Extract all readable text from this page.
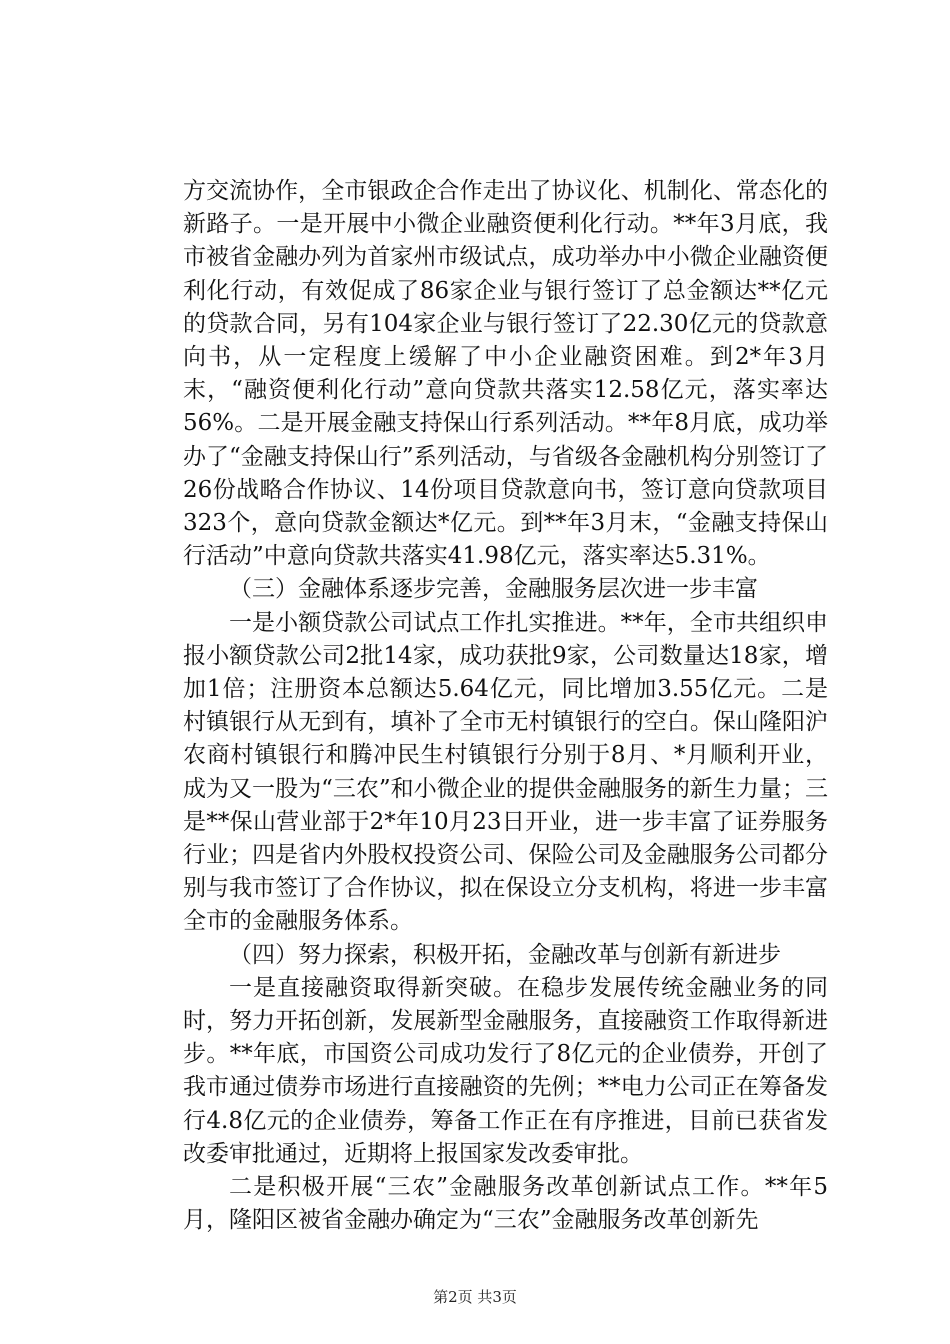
方交流协作，全市银政企合作走出了协议化、机制化、常态化的新路子。一是开展中小微企业融资便利化行动。**年3月底，我市被省金融办列为首家州市级试点，成功举办中小微企业融资便利化行动，有效促成了86家企业与银行签订了总金额达**亿元的贷款合同，另有104家企业与银行签订了22.30亿元的贷款意向书，从一定程度上缓解了中小企业融资困难。到2*年3月末，“融资便利化行动”意向贷款共落实12.58亿元，落实率达56%。二是开展金融支持保山行系列活动。**年8月底，成功举办了“金融支持保山行”系列活动，与省级各金融机构分别签订了26份战略合作协议、14份项目贷款意向书，签订意向贷款项目323个，意向贷款金额达*亿元。到**年3月末，“金融支持保山行活动”中意向贷款共落实41.98亿元，落实率达5.31%。

（三）金融体系逐步完善，金融服务层次进一步丰富

一是小额贷款公司试点工作扎实推进。**年，全市共组织申报小额贷款公司2批14家，成功获批9家，公司数量达18家，增加1倍；注册资本总额达5.64亿元，同比增加3.55亿元。二是村镇银行从无到有，填补了全市无村镇银行的空白。保山隆阳沪农商村镇银行和腾冲民生村镇银行分别于8月、*月顺利开业，成为又一股为“三农”和小微企业的提供金融服务的新生力量；三是**保山营业部于2*年10月23日开业，进一步丰富了证券服务行业；四是省内外股权投资公司、保险公司及金融服务公司都分别与我市签订了合作协议，拟在保设立分支机构，将进一步丰富全市的金融服务体系。

（四）努力探索，积极开拓，金融改革与创新有新进步

一是直接融资取得新突破。在稳步发展传统金融业务的同时，努力开拓创新，发展新型金融服务，直接融资工作取得新进步。**年底，市国资公司成功发行了8亿元的企业债券，开创了我市通过债券市场进行直接融资的先例；**电力公司正在筹备发行4.8亿元的企业债券，筹备工作正在有序推进，目前已获省发改委审批通过，近期将上报国家发改委审批。

二是积极开展“三农”金融服务改革创新试点工作。**年5月，隆阳区被省金融办确定为“三农”金融服务改革创新先

第2页 共3页
